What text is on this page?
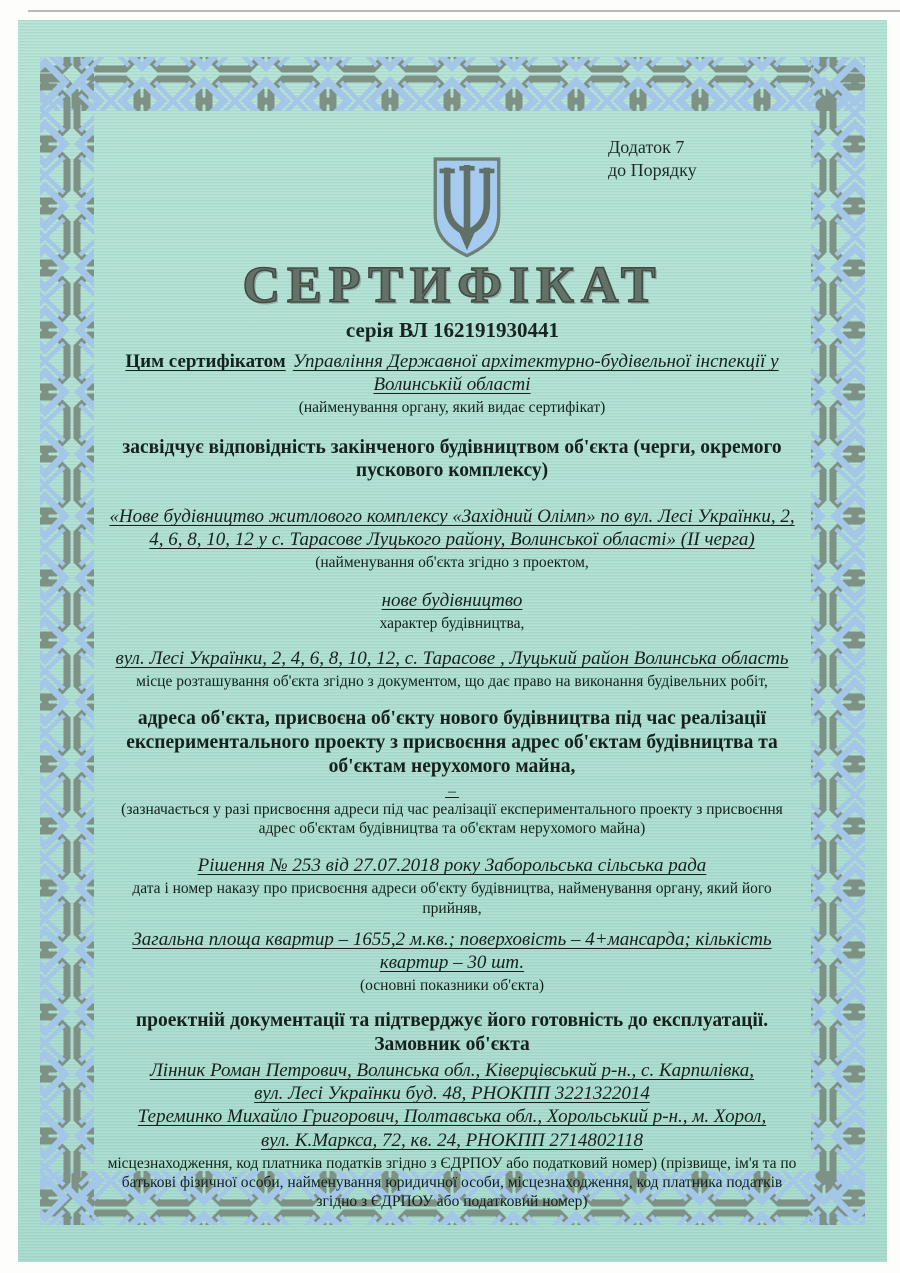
Додаток 7
до Порядку
СЕРТИФІКАТ
серія ВЛ 162191930441

Цим сертифікатом Управління Державної архітектурно-будівельної інспекції у Волинській області

(найменування органу, який видає сертифікат)

засвідчує відповідність закінченого будівництвом об'єкта (черги, окремого пускового комплексу)

«Нове будівництво житлового комплексу «Західний Олімп» по вул. Лесі Українки, 2, 4, 6, 8, 10, 12 у с. Тарасове Луцького району, Волинської області» (ІІ черга)

(найменування об'єкта згідно з проектом,

нове будівництво

характер будівництва,

вул. Лесі Українки, 2, 4, 6, 8, 10, 12, с. Тарасове , Луцький район Волинська область

місце розташування об'єкта згідно з документом, що дає право на виконання будівельних робіт,

адреса об'єкта, присвоєна об'єкту нового будівництва під час реалізації експериментального проекту з присвоєння адрес об'єктам будівництва та об'єктам нерухомого майна,

–

(зазначається у разі присвоєння адреси під час реалізації експериментального проекту з присвоєння адрес об'єктам будівництва та об'єктам нерухомого майна)

Рішення № 253 від 27.07.2018 року Заборольська сільська рада

дата і номер наказу про присвоєння адреси об'єкту будівництва, найменування органу, який його прийняв,

Загальна площа квартир – 1655,2 м.кв.; поверховість – 4+мансарда; кількість квартир – 30 шт.

(основні показники об'єкта)

проектній документації та підтверджує його готовність до експлуатації.

Замовник об'єкта

Лінник Роман Петрович, Волинська обл., Ківерцівський р-н., с. Карпилівка,

вул. Лесі Українки буд. 48, РНОКПП 3221322014

Тереминко Михайло Григорович, Полтавська обл., Хорольський р-н., м. Хорол,

вул. К.Маркса, 72, кв. 24, РНОКПП 2714802118

місцезнаходження, код платника податків згідно з ЄДРПОУ або податковий номер) (прізвище, ім'я та по батькові фізичної особи, найменування юридичної особи, місцезнаходження, код платника податків згідно з ЄДРПОУ або податковий номер)
